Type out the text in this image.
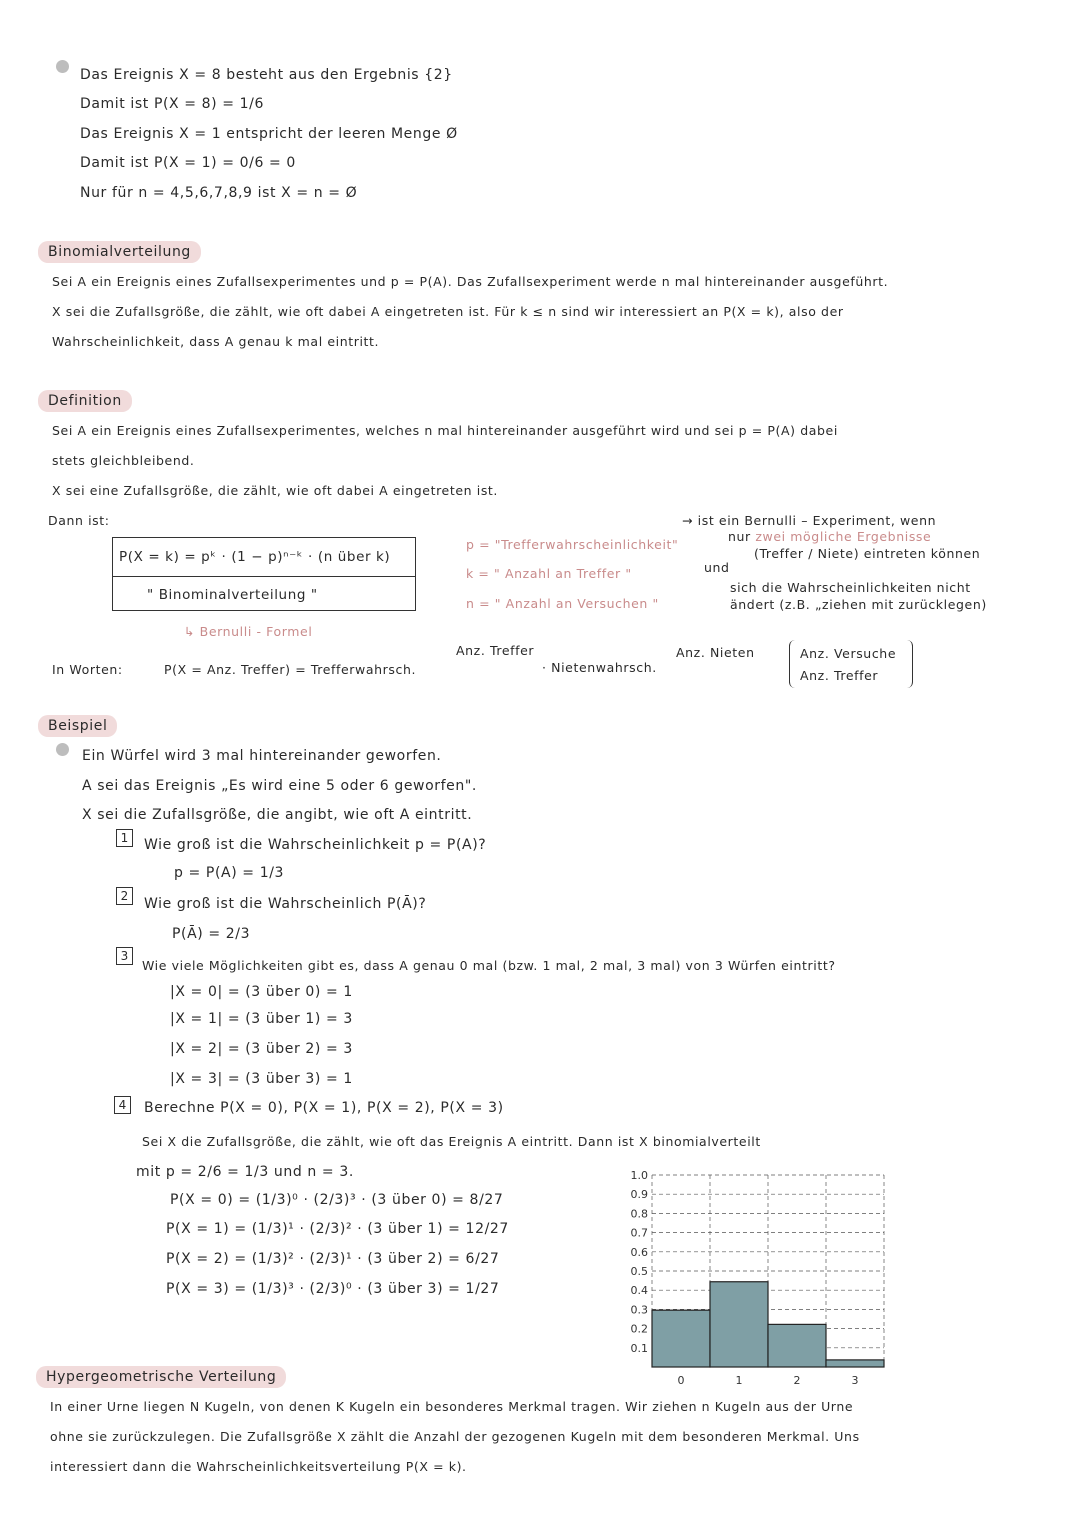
Das Ereignis X = 8 besteht aus den Ergebnis {2}
Damit ist P(X = 8) = 1/6
Das Ereignis X = 1 entspricht der leeren Menge Ø
Damit ist P(X = 1) = 0/6 = 0
Nur für n = 4,5,6,7,8,9 ist X = n = Ø
Binomialverteilung
Sei A ein Ereignis eines Zufallsexperimentes und p = P(A). Das Zufallsexperiment werde n mal hintereinander ausgeführt.
X sei die Zufallsgröße, die zählt, wie oft dabei A eingetreten ist. Für k ≤ n sind wir interessiert an P(X = k), also der
Wahrscheinlichkeit, dass A genau k mal eintritt.
Definition
Sei A ein Ereignis eines Zufallsexperimentes, welches n mal hintereinander ausgeführt wird und sei p = P(A) dabei
stets gleichbleibend.
X sei eine Zufallsgröße, die zählt, wie oft dabei A eingetreten ist.
Dann ist:
P(X = k) = pᵏ · (1 − p)ⁿ⁻ᵏ · (n über k)
" Binominalverteilung "
↳ Bernulli - Formel
p = "Trefferwahrscheinlichkeit"
k = " Anzahl an Treffer "
n = " Anzahl an Versuchen "
→ ist ein Bernulli – Experiment, wenn
nur zwei mögliche Ergebnisse
(Treffer / Niete) eintreten können
und
sich die Wahrscheinlichkeiten nicht
ändert (z.B. „ziehen mit zurücklegen)
Anz. Treffer	Anz. Nieten
In Worten:	P(X = Anz. Treffer) = Trefferwahrsch.	· Nietenwahrsch.
Anz. Versuche
Anz. Treffer
Beispiel
Ein Würfel wird 3 mal hintereinander geworfen.
A sei das Ereignis „Es wird eine 5 oder 6 geworfen".
X sei die Zufallsgröße, die angibt, wie oft A eintritt.
1	Wie groß ist die Wahrscheinlichkeit p = P(A)?
p = P(A) = 1/3
2	Wie groß ist die Wahrscheinlich P(Ā)?
P(Ā) = 2/3
3
Wie viele Möglichkeiten gibt es, dass A genau 0 mal (bzw. 1 mal, 2 mal, 3 mal) von 3 Würfen eintritt?
|X = 0| = (3 über 0) = 1
|X = 1| = (3 über 1) = 3
|X = 2| = (3 über 2) = 3
|X = 3| = (3 über 3) = 1
4	Berechne P(X = 0), P(X = 1), P(X = 2), P(X = 3)
Sei X die Zufallsgröße, die zählt, wie oft das Ereignis A eintritt. Dann ist X binomialverteilt
mit p = 2/6 = 1/3 und n = 3.
P(X = 0) = (1/3)⁰ · (2/3)³ · (3 über 0) = 8/27
P(X = 1) = (1/3)¹ · (2/3)² · (3 über 1) = 12/27
P(X = 2) = (1/3)² · (2/3)¹ · (3 über 2) = 6/27
P(X = 3) = (1/3)³ · (2/3)⁰ · (3 über 3) = 1/27
0.1
0.2
0.3
0.4
0.5
0.6
0.7
0.8
0.9
1.0
0	1	2	3
Hypergeometrische Verteilung
In einer Urne liegen N Kugeln, von denen K Kugeln ein besonderes Merkmal tragen. Wir ziehen n Kugeln aus der Urne
ohne sie zurückzulegen. Die Zufallsgröße X zählt die Anzahl der gezogenen Kugeln mit dem besonderen Merkmal. Uns
interessiert dann die Wahrscheinlichkeitsverteilung P(X = k).
